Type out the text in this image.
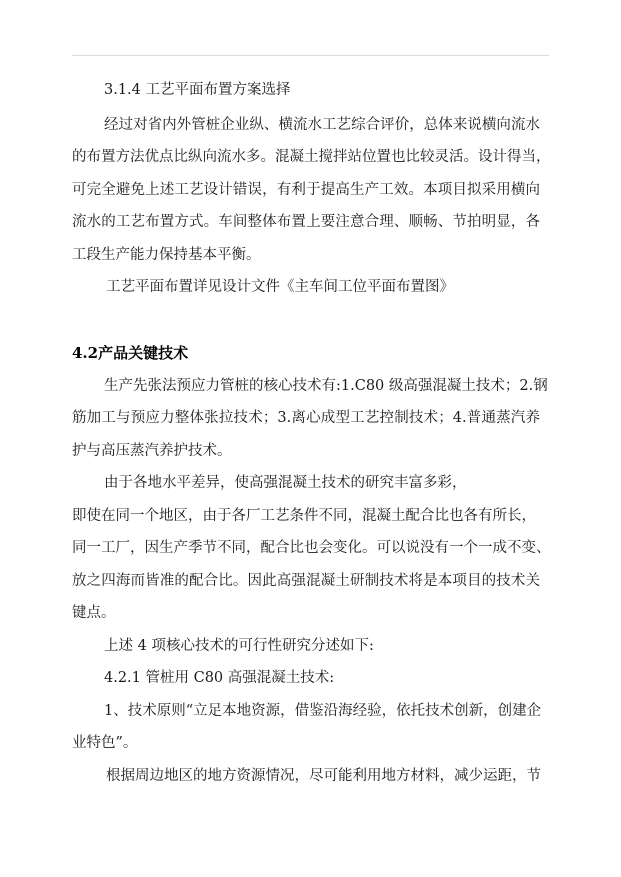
3.1.4 工艺平面布置方案选择
经过对省内外管桩企业纵、横流水工艺综合评价，总体来说横向流水
的布置方法优点比纵向流水多。混凝土搅拌站位置也比较灵活。设计得当，
可完全避免上述工艺设计错误，有利于提高生产工效。本项目拟采用横向
流水的工艺布置方式。车间整体布置上要注意合理、顺畅、节拍明显，各
工段生产能力保持基本平衡。
工艺平面布置详见设计文件《主车间工位平面布置图》
4.2产品关键技术
生产先张法预应力管桩的核心技术有:1.C80 级高强混凝土技术；2.钢
筋加工与预应力整体张拉技术；3.离心成型工艺控制技术；4.普通蒸汽养
护与高压蒸汽养护技术。
由于各地水平差异，使高强混凝土技术的研究丰富多彩，
即使在同一个地区，由于各厂工艺条件不同，混凝土配合比也各有所长，
同一工厂，因生产季节不同，配合比也会变化。可以说没有一个一成不变、
放之四海而皆准的配合比。因此高强混凝土研制技术将是本项目的技术关
键点。
上述 4 项核心技术的可行性研究分述如下:
4.2.1 管桩用 C80 高强混凝土技术:
1、技术原则“立足本地资源，借鉴沿海经验，依托技术创新，创建企
业特色”。
根据周边地区的地方资源情况，尽可能利用地方材料，减少运距，节
